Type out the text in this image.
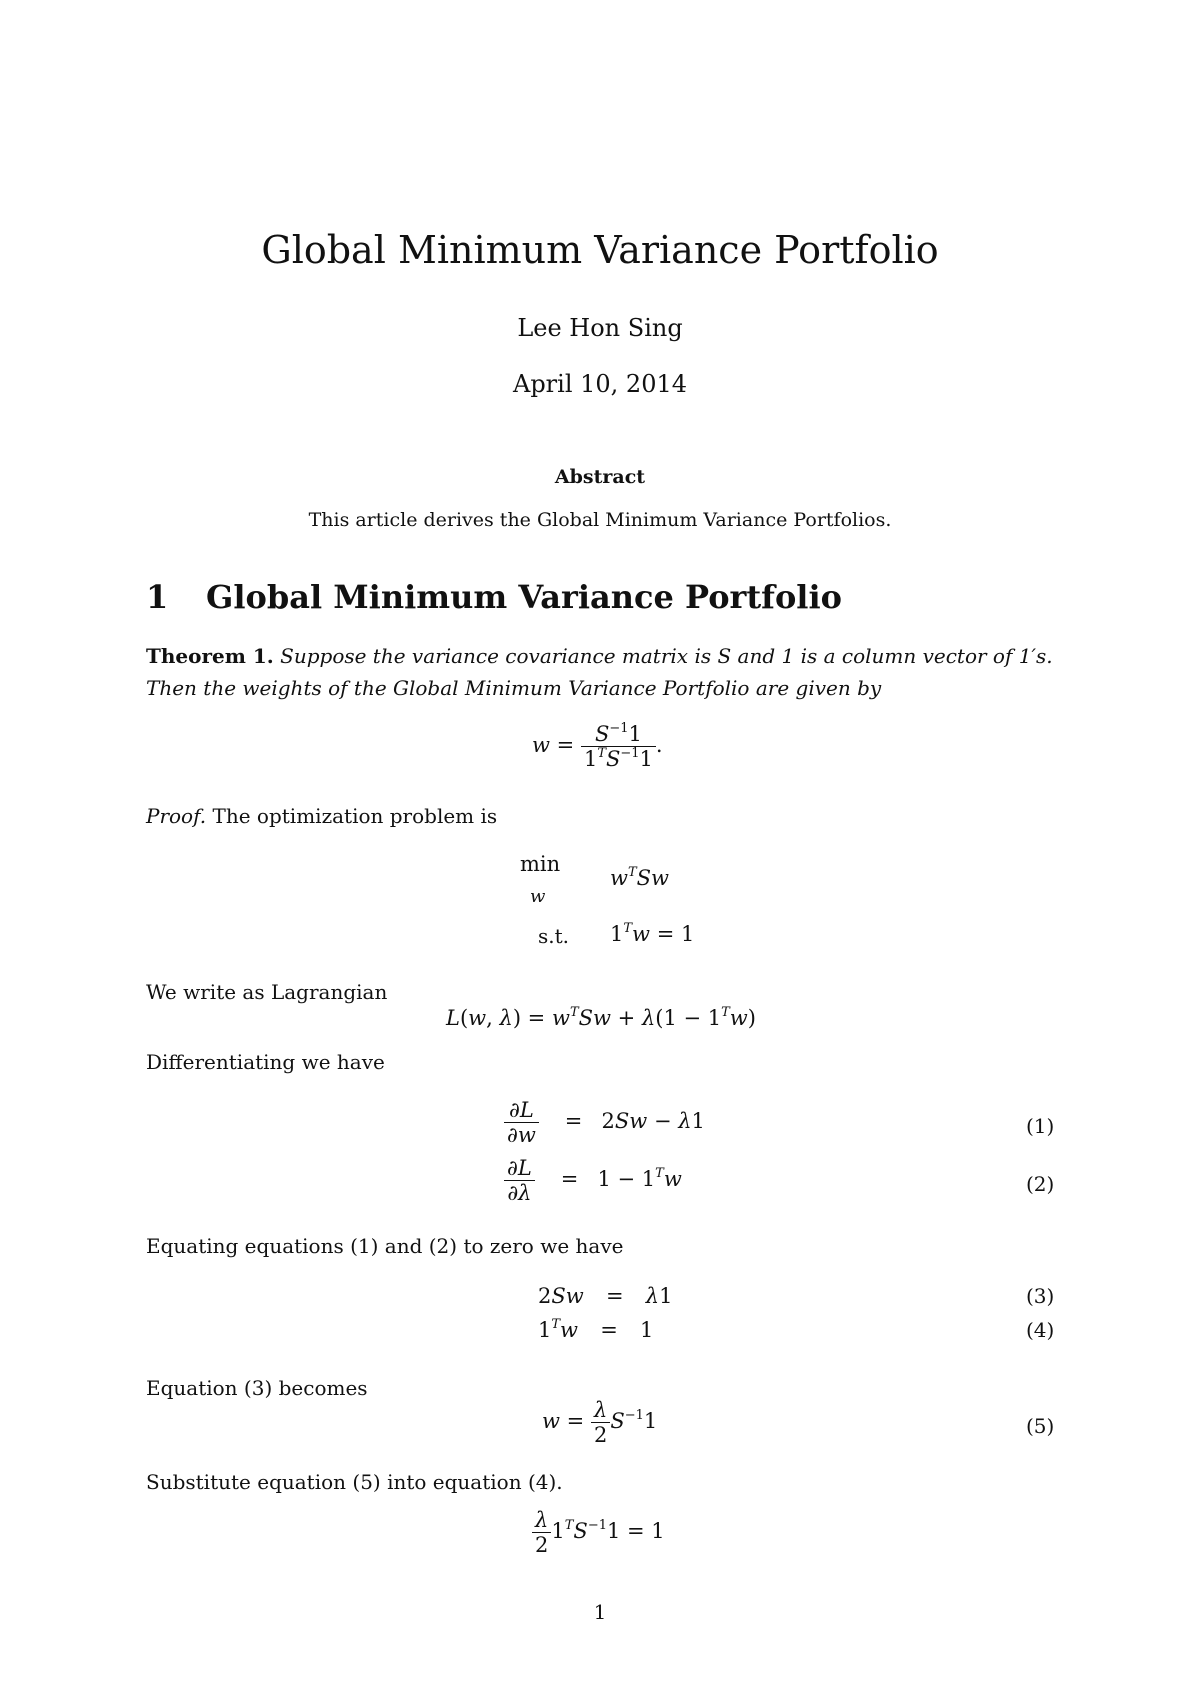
Global Minimum Variance Portfolio
Lee Hon Sing
April 10, 2014
Abstract
This article derives the Global Minimum Variance Portfolios.
1 Global Minimum Variance Portfolio
Theorem 1. Suppose the variance covariance matrix is S and 1 is a column vector of 1′s. Then the weights of the Global Minimum Variance Portfolio are given by
$w = \frac{S^{-1}1}{1^TS^{-1}1}$ .
Proof. The optimization problem is
min
w
$w^TSw$
s.t. $1^Tw = 1$
We write as Lagrangian
L(w, $\lambda) = w^TSw + \lambda(1 - 1^Tw)$
Differentiating we have
$\frac{\partial L}{\partial w} = 2Sw - \lambda 1$	(1)
$\frac{\partial L}{\partial\lambda} = 1 - 1^Tw$	(2)
Equating equations (1) and (2) to zero we have
2Sw = λ1	(3)
$1^Tw = 1$	(4)
Equation (3) becomes
$w = \frac{\lambda}{2} S^{-1}1$	(5)
Substitute equation (5) into equation (4).
$\frac{\lambda}{2} 1^TS^{-1}1 = 1$
1
